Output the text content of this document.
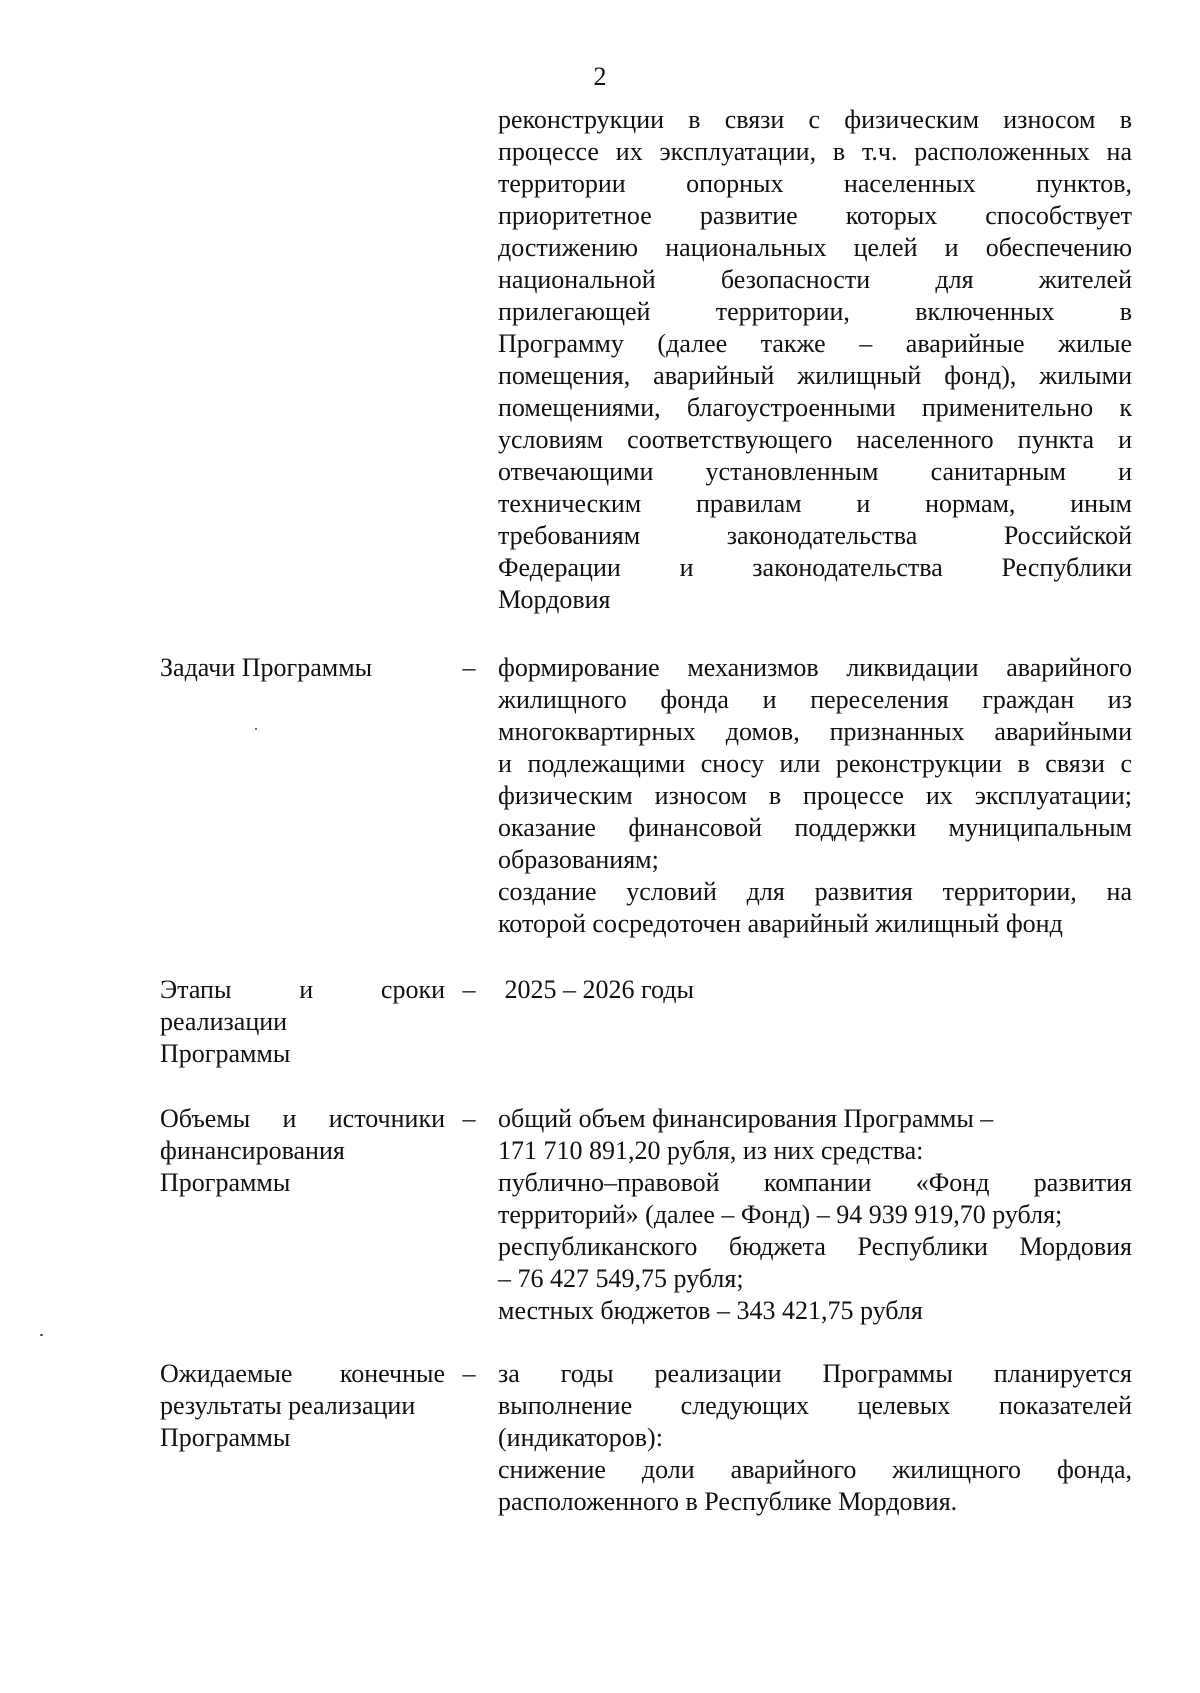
2
реконструкции в связи с физическим износом в
процессе их эксплуатации, в т.ч. расположенных на
территории опорных населенных пунктов,
приоритетное развитие которых способствует
достижению национальных целей и обеспечению
национальной безопасности для жителей
прилегающей территории, включенных в
Программу (далее также – аварийные жилые
помещения, аварийный жилищный фонд), жилыми
помещениями, благоустроенными применительно к
условиям соответствующего населенного пункта и
отвечающими установленным санитарным и
техническим правилам и нормам, иным
требованиям законодательства Российской
Федерации и законодательства Республики
Мордовия
Задачи Программы	– формирование механизмов ликвидации аварийного
жилищного фонда и переселения граждан из
многоквартирных домов, признанных аварийными
и подлежащими сносу или реконструкции в связи с
физическим износом в процессе их эксплуатации;
оказание финансовой поддержки муниципальным
образованиям;
создание условий для развития территории, на
которой сосредоточен аварийный жилищный фонд
Этапы и сроки
реализации
Программы
– 2025 – 2026 годы
Объемы и источники
финансирования
Программы
– общий объем финансирования Программы –
171 710 891,20 рубля, из них средства:
публично–правовой компании «Фонд развития
территорий» (далее – Фонд) – 94 939 919,70 рубля;
республиканского бюджета Республики Мордовия
– 76 427 549,75 рубля;
местных бюджетов – 343 421,75 рубля
Ожидаемые конечные
результаты реализации
Программы
– за годы реализации Программы планируется
выполнение следующих целевых показателей
(индикаторов):
снижение доли аварийного жилищного фонда,
расположенного в Республике Мордовия.
